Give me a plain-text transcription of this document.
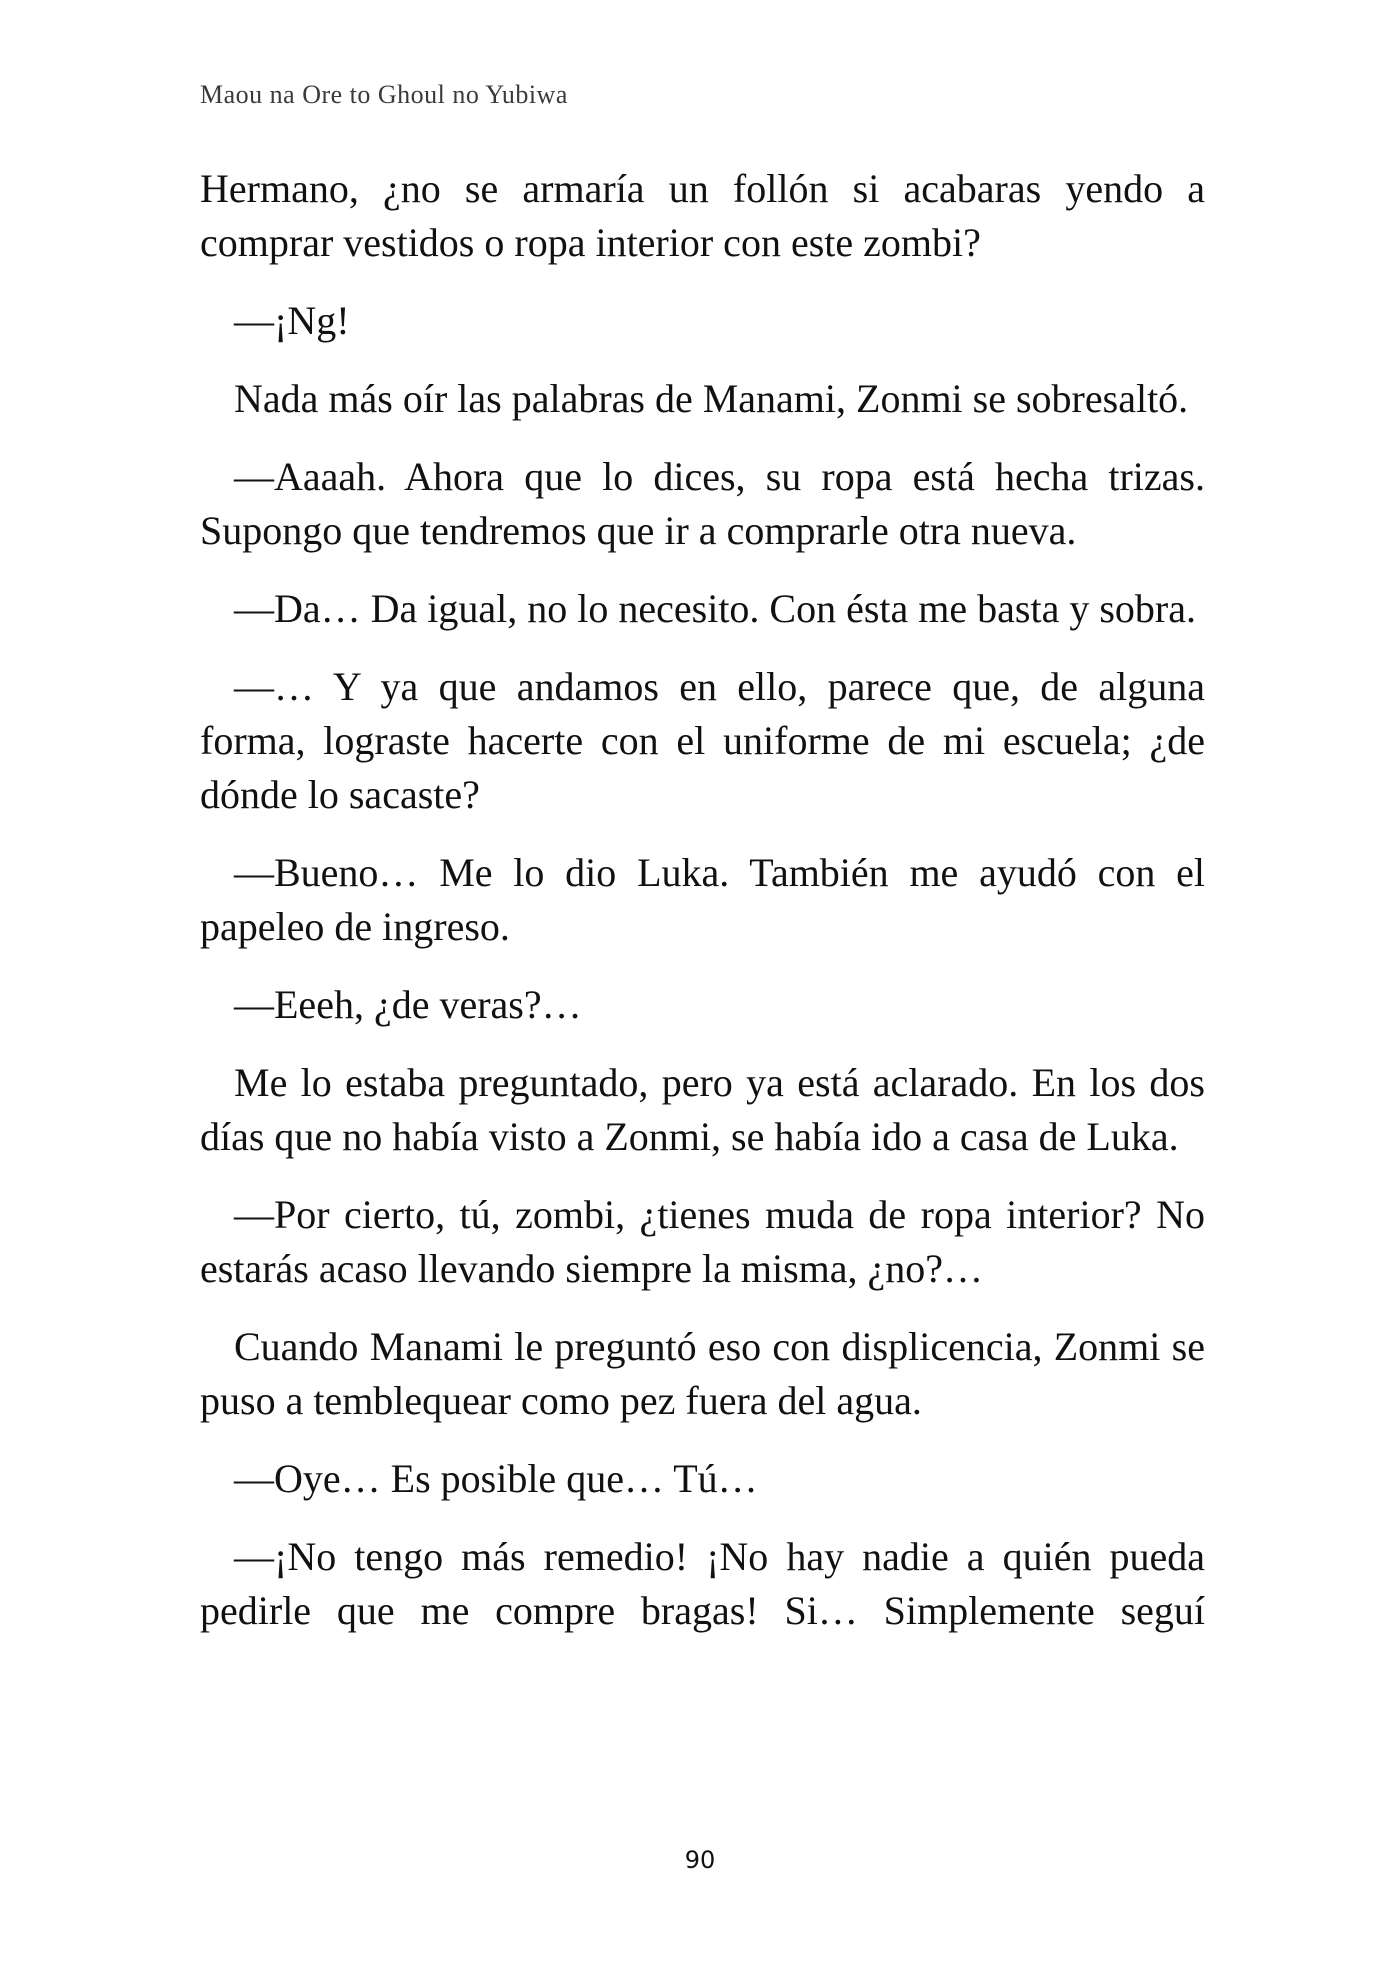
Maou na Ore to Ghoul no Yubiwa

Hermano, ¿no se armaría un follón si acabaras yendo a comprar vestidos o ropa interior con este zombi?

—¡Ng!

Nada más oír las palabras de Manami, Zonmi se sobresaltó.

—Aaaah. Ahora que lo dices, su ropa está hecha trizas. Supongo que tendremos que ir a comprarle otra nueva.

—Da… Da igual, no lo necesito. Con ésta me basta y sobra.

—… Y ya que andamos en ello, parece que, de alguna forma, lograste hacerte con el uniforme de mi escuela; ¿de dónde lo sacaste?

—Bueno… Me lo dio Luka. También me ayudó con el papeleo de ingreso.

—Eeeh, ¿de veras?…

Me lo estaba preguntado, pero ya está aclarado. En los dos días que no había visto a Zonmi, se había ido a casa de Luka.

—Por cierto, tú, zombi, ¿tienes muda de ropa interior? No estarás acaso llevando siempre la misma, ¿no?…

Cuando Manami le preguntó eso con displicencia, Zonmi se puso a temblequear como pez fuera del agua.

—Oye… Es posible que… Tú…

—¡No tengo más remedio! ¡No hay nadie a quién pueda pedirle que me compre bragas! Si… Simplemente seguí

90
